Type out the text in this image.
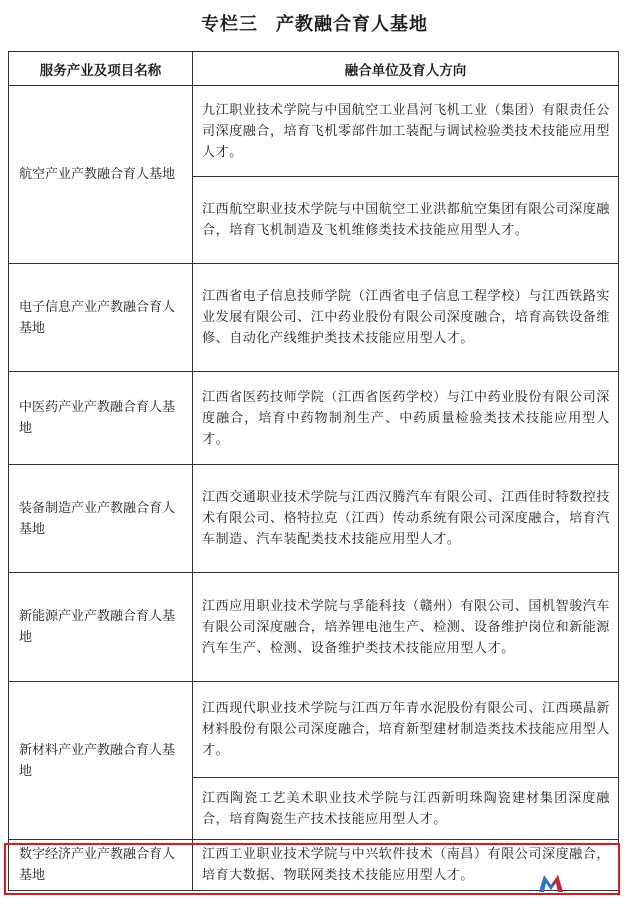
专栏三 产教融合育人基地
服务产业及项目名称	融合单位及育人方向
航空产业产教融合育人基地	九江职业技术学院与中国航空工业昌河飞机工业（集团）有限责任公司深度融合，培育飞机零部件加工装配与调试检验类技术技能应用型人才。
	江西航空职业技术学院与中国航空工业洪都航空集团有限公司深度融合，培育飞机制造及飞机维修类技术技能应用型人才。
电子信息产业产教融合育人基地	江西省电子信息技师学院（江西省电子信息工程学校）与江西铁路实业发展有限公司、江中药业股份有限公司深度融合，培育高铁设备维修、自动化产线维护类技术技能应用型人才。
中医药产业产教融合育人基地	江西省医药技师学院（江西省医药学校）与江中药业股份有限公司深度融合，培育中药物制剂生产、中药质量检验类技术技能应用型人才。
装备制造产业产教融合育人基地	江西交通职业技术学院与江西汉腾汽车有限公司、江西佳时特数控技术有限公司、格特拉克（江西）传动系统有限公司深度融合，培育汽车制造、汽车装配类技术技能应用型人才。
新能源产业产教融合育人基地	江西应用职业技术学院与孚能科技（赣州）有限公司、国机智骏汽车有限公司深度融合，培养锂电池生产、检测、设备维护岗位和新能源汽车生产、检测、设备维护类技术技能应用型人才。
新材料产业产教融合育人基地	江西现代职业技术学院与江西万年青水泥股份有限公司、江西瑛晶新材料股份有限公司深度融合，培育新型建材制造类技术技能应用型人才。
	江西陶瓷工艺美术职业技术学院与江西新明珠陶瓷建材集团深度融合，培育陶瓷生产技术技能应用型人才。
数字经济产业产教融合育人基地	江西工业职业技术学院与中兴软件技术（南昌）有限公司深度融合，培育大数据、物联网类技术技能应用型人才。
